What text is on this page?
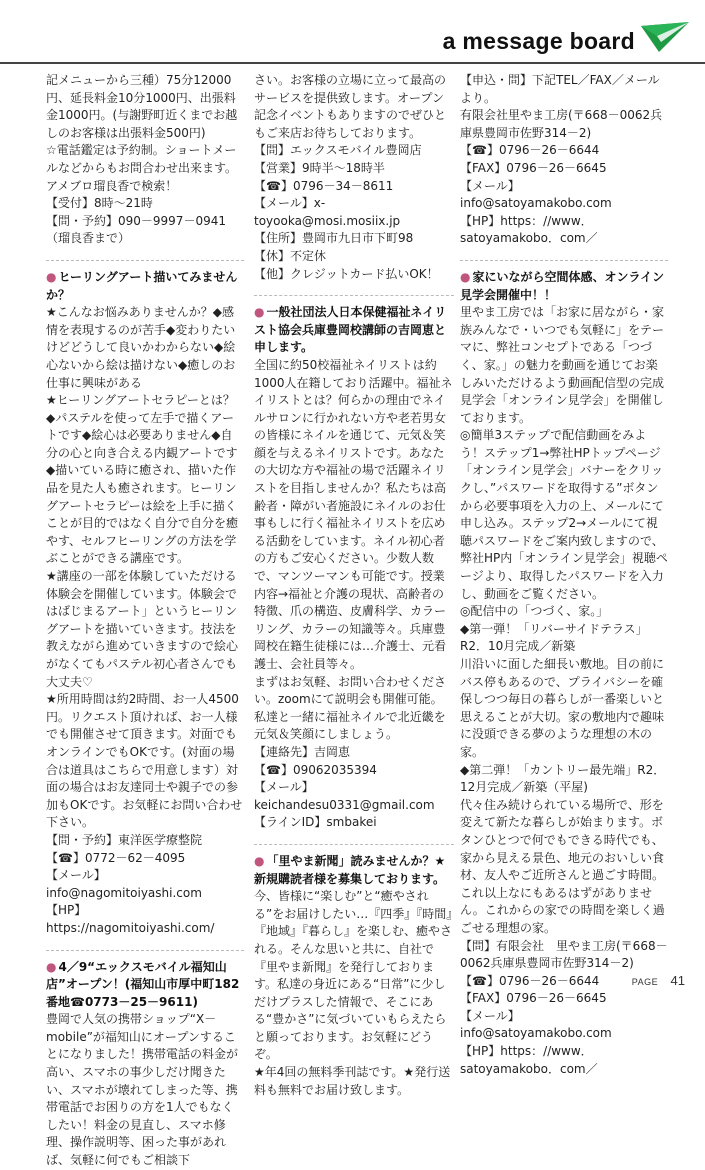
a message board

記メニューから三種）75分12000円、延長料金10分1000円、出張料金1000円。(与謝野町近くまでお越しのお客様は出張料金500円)

☆電話鑑定は予約制。ショートメールなどからもお問合わせ出来ます。アメブロ瑠良香で検索！

【受付】8時～21時

【問・予約】090－9997－0941（瑠良香まで）

● ヒーリングアート描いてみませんか？

★こんなお悩みありませんか？◆感情を表現するのが苦手◆変わりたいけどどうして良いかわからない◆絵心ないから絵は描けない◆癒しのお仕事に興味がある

★ヒーリングアートセラピーとは？◆パステルを使って左手で描くアートです◆絵心は必要ありません◆自分の心と向き合える内観アートです◆描いている時に癒され、描いた作品を見た人も癒されます。ヒーリングアートセラピーは絵を上手に描くことが目的ではなく自分で自分を癒やす、セルフヒーリングの方法を学ぶことができる講座です。

★講座の一部を体験していただける体験会を開催しています。体験会ではばじまるアート」というヒーリングアートを描いていきます。技法を教えながら進めていきますので絵心がなくてもパステル初心者さんでも大丈夫♡

★所用時間は約2時間、お一人4500円。リクエスト頂ければ、お一人様でも開催させて頂きます。対面でもオンラインでもOKです。(対面の場合は道具はこちらで用意します）対面の場合はお友達同士や親子での参加もOKです。お気軽にお問い合わせ下さい。

【問・予約】東洋医学療整院

【☎】0772－62－4095

【メール】info@nagomitoiyashi.com

【HP】https://nagomitoiyashi.com/

● 4／9“エックスモバイル福知山店”オープン！(福知山市厚中町182番地☎0773－25－9611)

豊岡で人気の携帯ショップ“X－mobile”が福知山にオープンすることになりました！携帯電話の料金が高い、スマホの事少しだけ聞きたい、スマホが壊れてしまった等、携帯電話でお困りの方を1人でもなくしたい！料金の見直し、スマホ修理、操作説明等、困った事があれば、気軽に何でもご相談下

さい。お客様の立場に立って最高のサービスを提供致します。オープン記念イベントもありますのでぜひともご来店お待ちしております。

【問】エックスモバイル豊岡店

【営業】9時半～18時半

【☎】0796－34－8611

【メール】x-toyooka@mosi.mosiix.jp

【住所】豊岡市九日市下町98

【休】不定休

【他】クレジットカード払いOK！

● 一般社団法人日本保健福祉ネイリスト協会兵庫豊岡校講師の吉岡恵と申します。

全国に約50校福祉ネイリストは約1000人在籍しており活躍中。福祉ネイリストとは？何らかの理由でネイルサロンに行かれない方や老若男女の皆様にネイルを通じて、元気＆笑顔を与えるネイリストです。あなたの大切な方や福祉の場で活躍ネイリストを目指しませんか？私たちは高齢者・障がい者施設にネイルのお仕事もしに行く福祉ネイリストを広める活動をしています。ネイル初心者の方もご安心ください。少数人数で、マンツーマンも可能です。授業内容→福祉と介護の現状、高齢者の特徴、爪の構造、皮膚科学、カラーリング、カラーの知識等々。兵庫豊岡校在籍生徒様には…介護士、元看護士、会社員等々。

まずはお気軽、お問い合わせください。zoomにて説明会も開催可能。私達と一緒に福祉ネイルで北近畿を元気＆笑顔にしましょう。

【連絡先】吉岡恵

【☎】09062035394

【メール】keichandesu0331@gmail.com

【ラインID】smbakei

● 「里やま新聞」読みませんか？★新規購読者様を募集しております。

今、皆様に“楽しむ”と“癒やされる”をお届けしたい…『四季』『時間』『地域』『暮らし』を楽しむ、癒やされる。そんな思いと共に、自社で『里やま新聞』を発行しております。私達の身近にある“日常”に少しだけプラスした情報で、そこにある“豊かさ”に気づいていもらえたらと願っております。お気軽にどうぞ。

★年4回の無料季刊誌です。★発行送料も無料でお届け致します。

【申込・問】下記TEL／FAX／メールより。

有限会社里やま工房(〒668－0062兵庫県豊岡市佐野314－2)

【☎】0796－26－6644

【FAX】0796－26－6645

【メール】info@satoyamakobo.com

【HP】https：//www．satoyamakobo．com／

● 家にいながら空間体感、オンライン見学会開催中！！

里やま工房では「お家に居ながら・家族みんなで・いつでも気軽に」をテーマに、弊社コンセプトである「つづく、家。」の魅力を動画を通じてお楽しみいただけるよう動画配信型の完成見学会「オンライン見学会」を開催しております。

◎簡単3ステップで配信動画をみよう！ステップ1→弊社HPトップページ「オンライン見学会」バナーをクリックし、”パスワードを取得する”ボタンから必要事項を入力の上、メールにて申し込み。ステップ2→メールにて視聴パスワードをご案内致しますので、弊社HP内「オンライン見学会」視聴ページより、取得したパスワードを入力し、動画をご覧ください。

◎配信中の「つづく、家。」

◆第一弾！「リバーサイドテラス」R2．10月完成／新築

川沿いに面した細長い敷地。目の前にバス停もあるので、プライバシーを確保しつつ毎日の暮らしが一番楽しいと思えることが大切。家の敷地内で趣味に没頭できる夢のような理想の木の家。

◆第二弾！「カントリー最先端」R2．12月完成／新築（平屋)

代々住み続けられている場所で、形を変えて新たな暮らしが始まります。ボタンひとつで何でもできる時代でも、家から見える景色、地元のおいしい食材、友人やご近所さんと過ごす時間。これ以上なにもあるはずがありません。これからの家での時間を楽しく過ごせる理想の家。

【問】有限会社　里やま工房(〒668－0062兵庫県豊岡市佐野314－2)

【☎】0796－26－6644

【FAX】0796－26－6645

【メール】info@satoyamakobo.com

【HP】https：//www．satoyamakobo．com／

PAGE 41
